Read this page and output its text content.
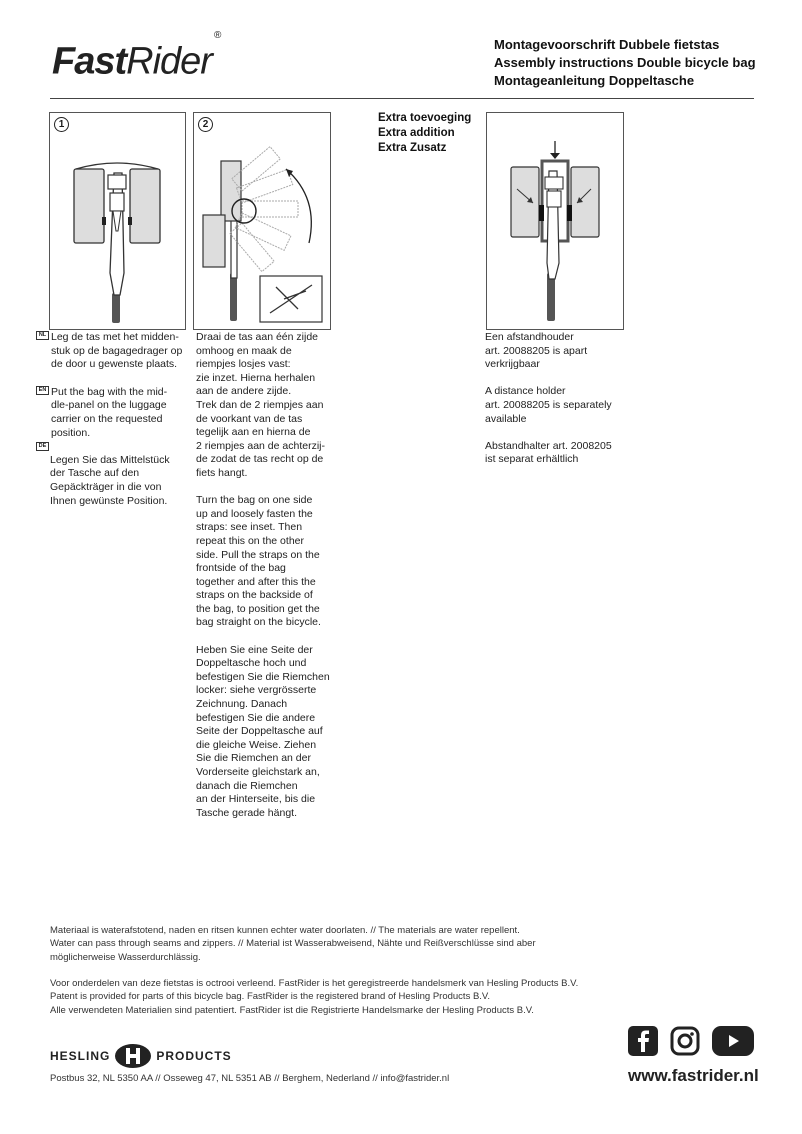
FastRider®
Montagevoorschrift Dubbele fietstas
Assembly instructions Double bicycle bag
Montageanleitung Doppeltasche
1	2
NL Leg de tas met het midden-
stuk op de bagagedrager op
de door u gewenste plaats.
EN Put the bag with the mid-
dle-panel on the luggage
carrier on the requested
position.
DE
Legen Sie das Mittelstück
der Tasche auf den
Gepäckträger in die von
Ihnen gewünste Position.

Draai de tas aan één zijde
omhoog en maak de
riempjes losjes vast:
zie inzet. Hierna herhalen
aan de andere zijde.
Trek dan de 2 riempjes aan
de voorkant van de tas
tegelijk aan en hierna de
2 riempjes aan de achterzij-
de zodat de tas recht op de
fiets hangt.

Turn the bag on one side
up and loosely fasten the
straps: see inset. Then
repeat this on the other
side. Pull the straps on the
frontside of the bag
together and after this the
straps on the backside of
the bag, to position get the
bag straight on the bicycle.

Heben Sie eine Seite der
Doppeltasche hoch und
befestigen Sie die Riemchen
locker: siehe vergrösserte
Zeichnung. Danach
befestigen Sie die andere
Seite der Doppeltasche auf
die gleiche Weise. Ziehen
Sie die Riemchen an der
Vorderseite gleichstark an,
danach die Riemchen
an der Hinterseite, bis die
Tasche gerade hängt.

Extra toevoeging
Extra addition
Extra Zusatz

Een afstandhouder
art. 20088205 is apart
verkrijgbaar

A distance holder
art. 20088205 is separately
available

Abstandhalter art. 2008205
ist separat erhältlich

Materiaal is waterafstotend, naden en ritsen kunnen echter water doorlaten. // The materials are water repellent.
Water can pass through seams and zippers. // Material ist Wasserabweisend, Nähte und Reißverschlüsse sind aber
möglicherweise Wasserdurchlässig.
Voor onderdelen van deze fietstas is octrooi verleend. FastRider is het geregistreerde handelsmerk van Hesling Products B.V.
Patent is provided for parts of this bicycle bag. FastRider is the registered brand of Hesling Products B.V.
Alle verwendeten Materialien sind patentiert. FastRider ist die Registrierte Handelsmarke der Hesling Products B.V.
HESLING	PRODUCTS
Postbus 32, NL 5350 AA // Osseweg 47, NL 5351 AB // Berghem, Nederland // info@fastrider.nl	www.fastrider.nl
